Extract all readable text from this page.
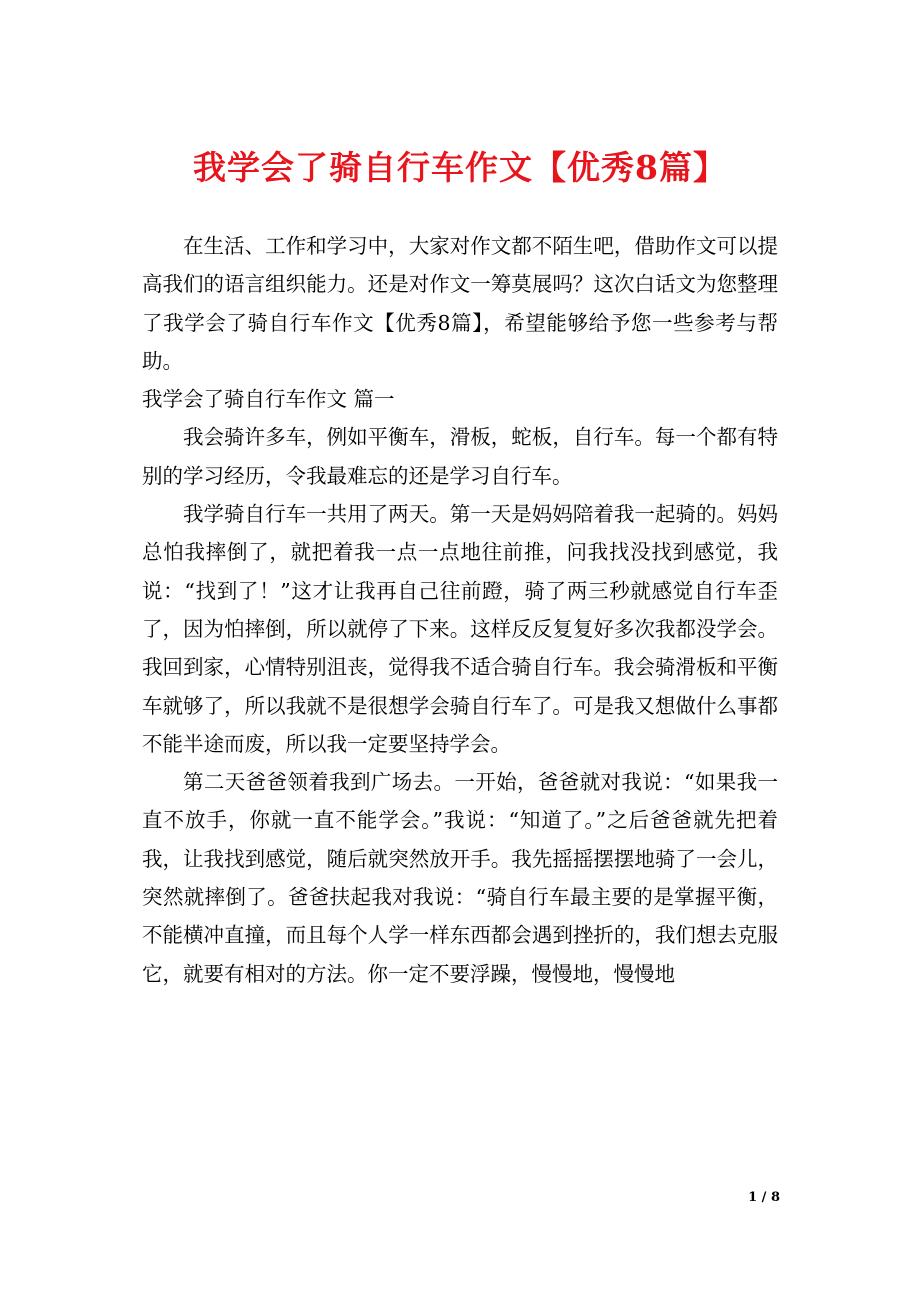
我学会了骑自行车作文【优秀8篇】

在生活、工作和学习中，大家对作文都不陌生吧，借助作文可以提高我们的语言组织能力。还是对作文一筹莫展吗？这次白话文为您整理了我学会了骑自行车作文【优秀8篇】，希望能够给予您一些参考与帮助。

我学会了骑自行车作文 篇一

我会骑许多车，例如平衡车，滑板，蛇板，自行车。每一个都有特别的学习经历，令我最难忘的还是学习自行车。

我学骑自行车一共用了两天。第一天是妈妈陪着我一起骑的。妈妈总怕我摔倒了，就把着我一点一点地往前推，问我找没找到感觉，我说：“找到了！”这才让我再自己往前蹬，骑了两三秒就感觉自行车歪了，因为怕摔倒，所以就停了下来。这样反反复复好多次我都没学会。我回到家，心情特别沮丧，觉得我不适合骑自行车。我会骑滑板和平衡车就够了，所以我就不是很想学会骑自行车了。可是我又想做什么事都不能半途而废，所以我一定要坚持学会。

第二天爸爸领着我到广场去。一开始，爸爸就对我说：“如果我一直不放手，你就一直不能学会。”我说：“知道了。”之后爸爸就先把着我，让我找到感觉，随后就突然放开手。我先摇摇摆摆地骑了一会儿，突然就摔倒了。爸爸扶起我对我说：“骑自行车最主要的是掌握平衡，不能横冲直撞，而且每个人学一样东西都会遇到挫折的，我们想去克服它，就要有相对的方法。你一定不要浮躁，慢慢地，慢慢地

1 / 8
